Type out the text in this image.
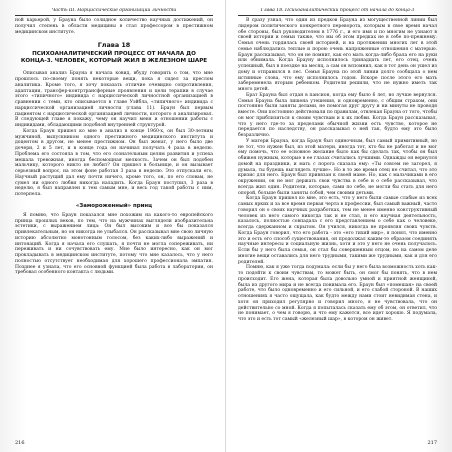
Часть III. Нарциссические организации личности

ной карьерой, у Брауна было солидное количество научных достижений, он получил степень в области медицины в стал профессором в престижном медицинском институте.

Глава 18
ПСИХОАНАЛИТИЧЕСКИЙ ПРОЦЕСС ОТ НАЧАЛА ДО КОНЦА-3. ЧЕЛОВЕК, КОТОРЫЙ ЖИЛ В ЖЕЛЕЗНОМ ШАРЕ

Описывая анализ Брауна я начала ковид, вбуду говорить о том, что мне прошлось по-своему понять некоторые вещи, пока я сидел за креслом аналитика. Кроме того, я хочу показать отличие очевидно сопротивления, адаптации, трансфер-контртрансферные проявления и цели терапии в случае этого «типичного» индивида с нарциссической личностной организацией в сравнении с теми, кто описывается в главе Уэйбла, «типичного» индивида с нарциссической организацией личности (глава 11). Браун был первым пациентом с нарциссической организацией личности, которого я анализировал. В следующей главе я покажу, чему он научил меня и отношении работы с индивидами, обладающими подобной внутренней структурой.

Когда Браун пришел ко мне в анализ в конце 1960-х, он был 30-летним мужчиной, выпускником одного престижного медицинского института и доцентом в другом, не менее престижном. Он был женат, у него было две дочери, 2 и 5 лет, и в конце года он начинал получать 4 раза в неделю. Проблема его состояла в том, что его сознательным целям развития и успеха мешала тревожная, иногда беспомощная мелкость. Зачем он был подобен мальчику, которого никто не любит? Он пришел в больнице, и он вызывает серьезный вопрос, на этом фоне работая 3 раза в неделю. Это отпускали его, Научный растущий дал ему почти ничего, кроме того, он, по его словам, не сумел ни одного любви никогда наладить. Когда Браун поступил, 3 раза в неделю, я был направлен к тем самым мне, и весь год такой работы с ним, потерпела.

«Замороженный» принц

Я помню, что Браун показался мне похожим на какого-то европейского принца прошлых веков, по тем, что на мужчинах выглядели изобразительна эстетики, с выражением лица: Он был высоким и все бы показался привлекательным, но он никогда не улыбался. Он рассказывал мне свою личную историю абсолютно монотонным голосом, без каких-либо выражений и интонаций. Когда я начала его слушать, я почти не могла сопереживать, ни переживать и ни сочувствовать ему. Мне было интересно, как он мог прокладывать в медицинском институте, потому что мне казалось, что у него полностью отсутствует необходимая для хорошего профессионала эмпатия. Позднее я узнала, что его основной функцией была работа в лаборатории, он требовал особенного контакта с людьми.

216
Глава 18. Психоаналитический процесс от начала до конца-3

В сразу узнал, что один из предков Брауна из могущественной линии был лидером политического конкретного переворота, которым в свое время начал обе стороны, был руководителем в 1776 г., и его имя и по многим не узнают в своей истории и семьи также, что мы об этом предках не в себе по-прежнему. Семья очень гордилась своей историей, и на протяжении многих лет в этой семье наблюдались теплые и порою очень напряженные отношения с матерью. Браун рассказывал, что он не помнит, как его мать когда-либо брала его на руки или обнимала. Когда Брауну исполнилось тринадцать лет, его отец, очень успешный, был в поездке на месяц, а сам он вспомнил, как в тот день он ушел из дому и отправился в лес. Семья Брауна по этой линии долго сообщала о нем истинные слова, что ему исполнилось годом. Вскоре после этого его мать забеременела вторым ребенком. Родители решили, что не нужно иметь так много детей.

Брат Брауна был отдан в пансион, когда ему было 6 лет, но лучше вернулся. Семья Брауна была лишена утешения, и одновременно, с общим страхом, они постоянно были заняты делами, не помогая друг другу и ни минуты не проводя вместе. Они постоянно действовали по правилам, отвлекая Брауна от того, чтобы он мог приблизиться к своим чувствам и к их любви. Когда Браун рассказывал, что у него где-то за пределами обычной жизни есть чувство, которое не передается по наследству, он рассказывал о ней так, будто ему это было безразлично.

У матери Брауна, когда Браун был одиночным, был самый примитивный, но не тот, что нужен был, из этой матери, иногда тот, кто бы не работал и не мог ему помочь, что ее основное желание было как бы сделать так, чтобы он был обижен нужным, которые в ее глазах считались лучшими. Однажды он вернулся домой на праздники, и мать с порога сказала ему: «Ты совсем не загорел, я думала, ты будешь выглядеть лучше». Но в то же время отец не считал, что это кризис для него. Браун был привязан к своей маме. Но, как с мальчиками в его окружении, он не мог держать свои чувства в себе и о себе рассказывал, что всегда жил один. Родители, которые, сами по себе, не могли бы стать для него опорой, больше были заняты собой, чем своими детьми.

Когда Браун пришел ко мне, это есть, что у него были самые слабые из всех самых ярких и за все время первая черта в профессии, был самый важный, часто говорил он о своих научных разработках, тем не менее именно конструктивный человек из него самого никогда так и не стал, и его научная деятельность, казалось, полностью совпадала с его представлением о себе как о человеке, всегда сдержанном и скрытом. Он учился, никогда не проявляя своих чувств. Когда Браун говорил, что его работа - это «его тихий мир», я понял, что именно это и есть его способ существования, он продолжал каким-то образом соединять научные интересы и социальную жизнь, хотя и это у него не очень получалось. Если бы у него была семья, он стал бы совершенным отцом, но на самом деле многие вещи оставались для него трудными, такими же трудными, как и для его родителей.

Помню, как я уже тогда подумала: если бы у него была возможность хоть как-то подойти к своим чувствам, то может быть, он смог бы понять, что в нем происходит. Его жена, которая была довольно умной и приятной женщиной, была из другого мира и не всегда понимала его. Браун был «помешан» на своей работе, что было одновременно и его сильной, и его слабой стороной. В наших отношениях я часто ощущала, как будто между нами стоит невидимая стена, и хотя он приходил регулярно и говорил много, я не чувствовала, что он действительно со мной. Когда я попыталась сказать ему об этом, он ответил, что не понимает, о чем я говорю, и что ему кажется, все идет хорошо. Я подумала, что это и есть тот самый «железный шар», в котором он живет.

217
